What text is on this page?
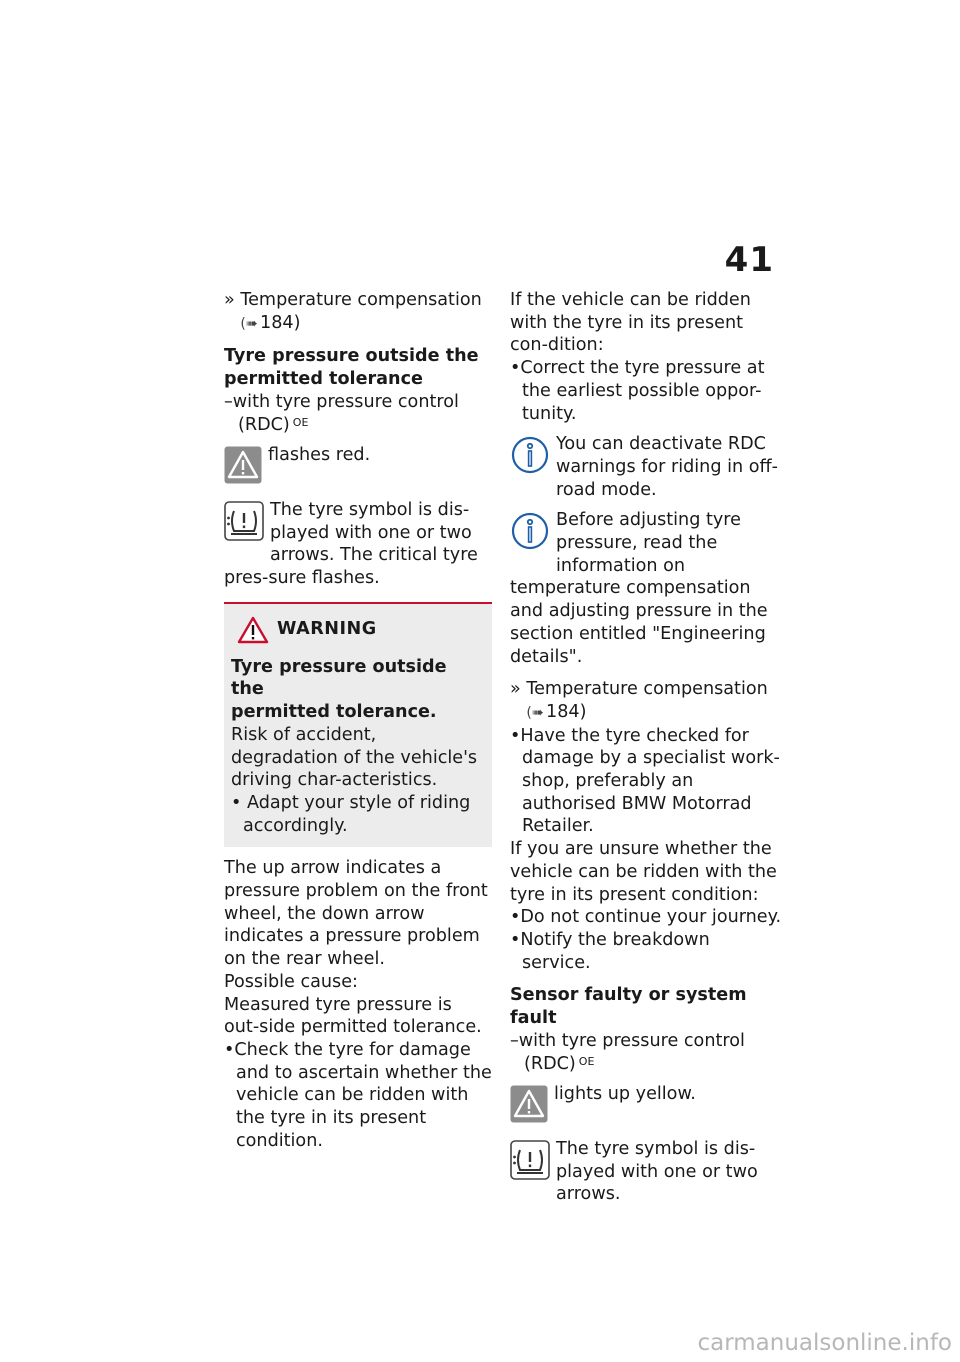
41

» Temperature compensation
(➠ 184)

Tyre pressure outside the
permitted tolerance

–with tyre pressure control
(RDC) $^{OE}$

flashes red.
The tyre symbol is dis-played with one or two arrows. The critical tyre pres-sure flashes.
WARNING

Tyre pressure outside the
permitted tolerance.

Risk of accident, degradation of the vehicle's driving char-acteristics.

• Adapt your style of riding accordingly.

The up arrow indicates a pressure problem on the front wheel, the down arrow indicates a pressure problem on the rear wheel.

Possible cause:

Measured tyre pressure is out-side permitted tolerance.

•Check the tyre for damage and to ascertain whether the vehicle can be ridden with the tyre in its present condition.

If the vehicle can be ridden with the tyre in its present con-dition:

•Correct the tyre pressure at the earliest possible oppor-tunity.

You can deactivate RDC warnings for riding in off-road mode.
Before adjusting tyre pressure, read the information on temperature compensation and adjusting pressure in the section entitled "Engineering details".

» Temperature compensation
(➠ 184)

•Have the tyre checked for damage by a specialist work-shop, preferably an authorised BMW Motorrad Retailer.

If you are unsure whether the vehicle can be ridden with the tyre in its present condition:

•Do not continue your journey.

•Notify the breakdown service.

Sensor faulty or system fault

–with tyre pressure control
(RDC) $^{OE}$

lights up yellow.
The tyre symbol is dis-played with one or two arrows.
carmanualsonline.info
